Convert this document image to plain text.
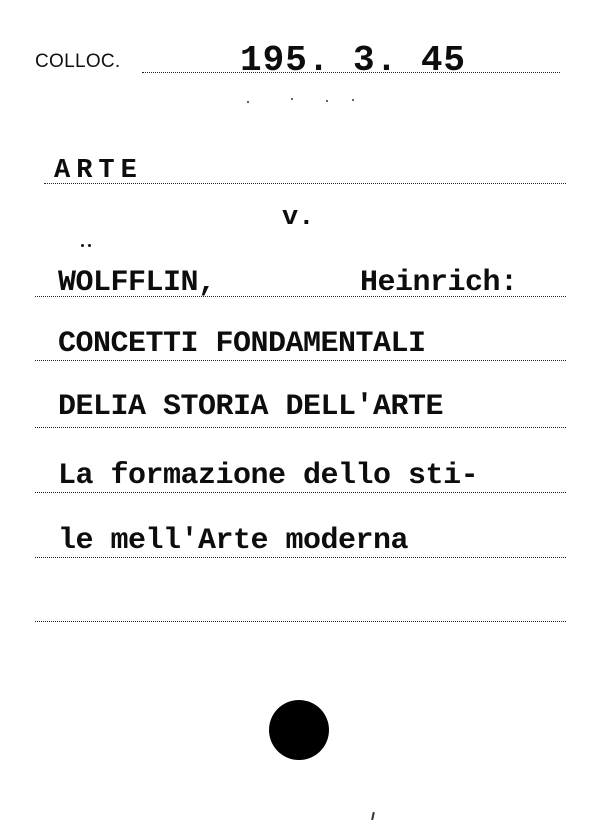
COLLOC.	195. 3. 45
ARTE
v.
WOLFFLIN,	Heinrich:
CONCETTI FONDAMENTALI
DELIA STORIA DELL'ARTE
La formazione dello sti-
le mell'Arte moderna
